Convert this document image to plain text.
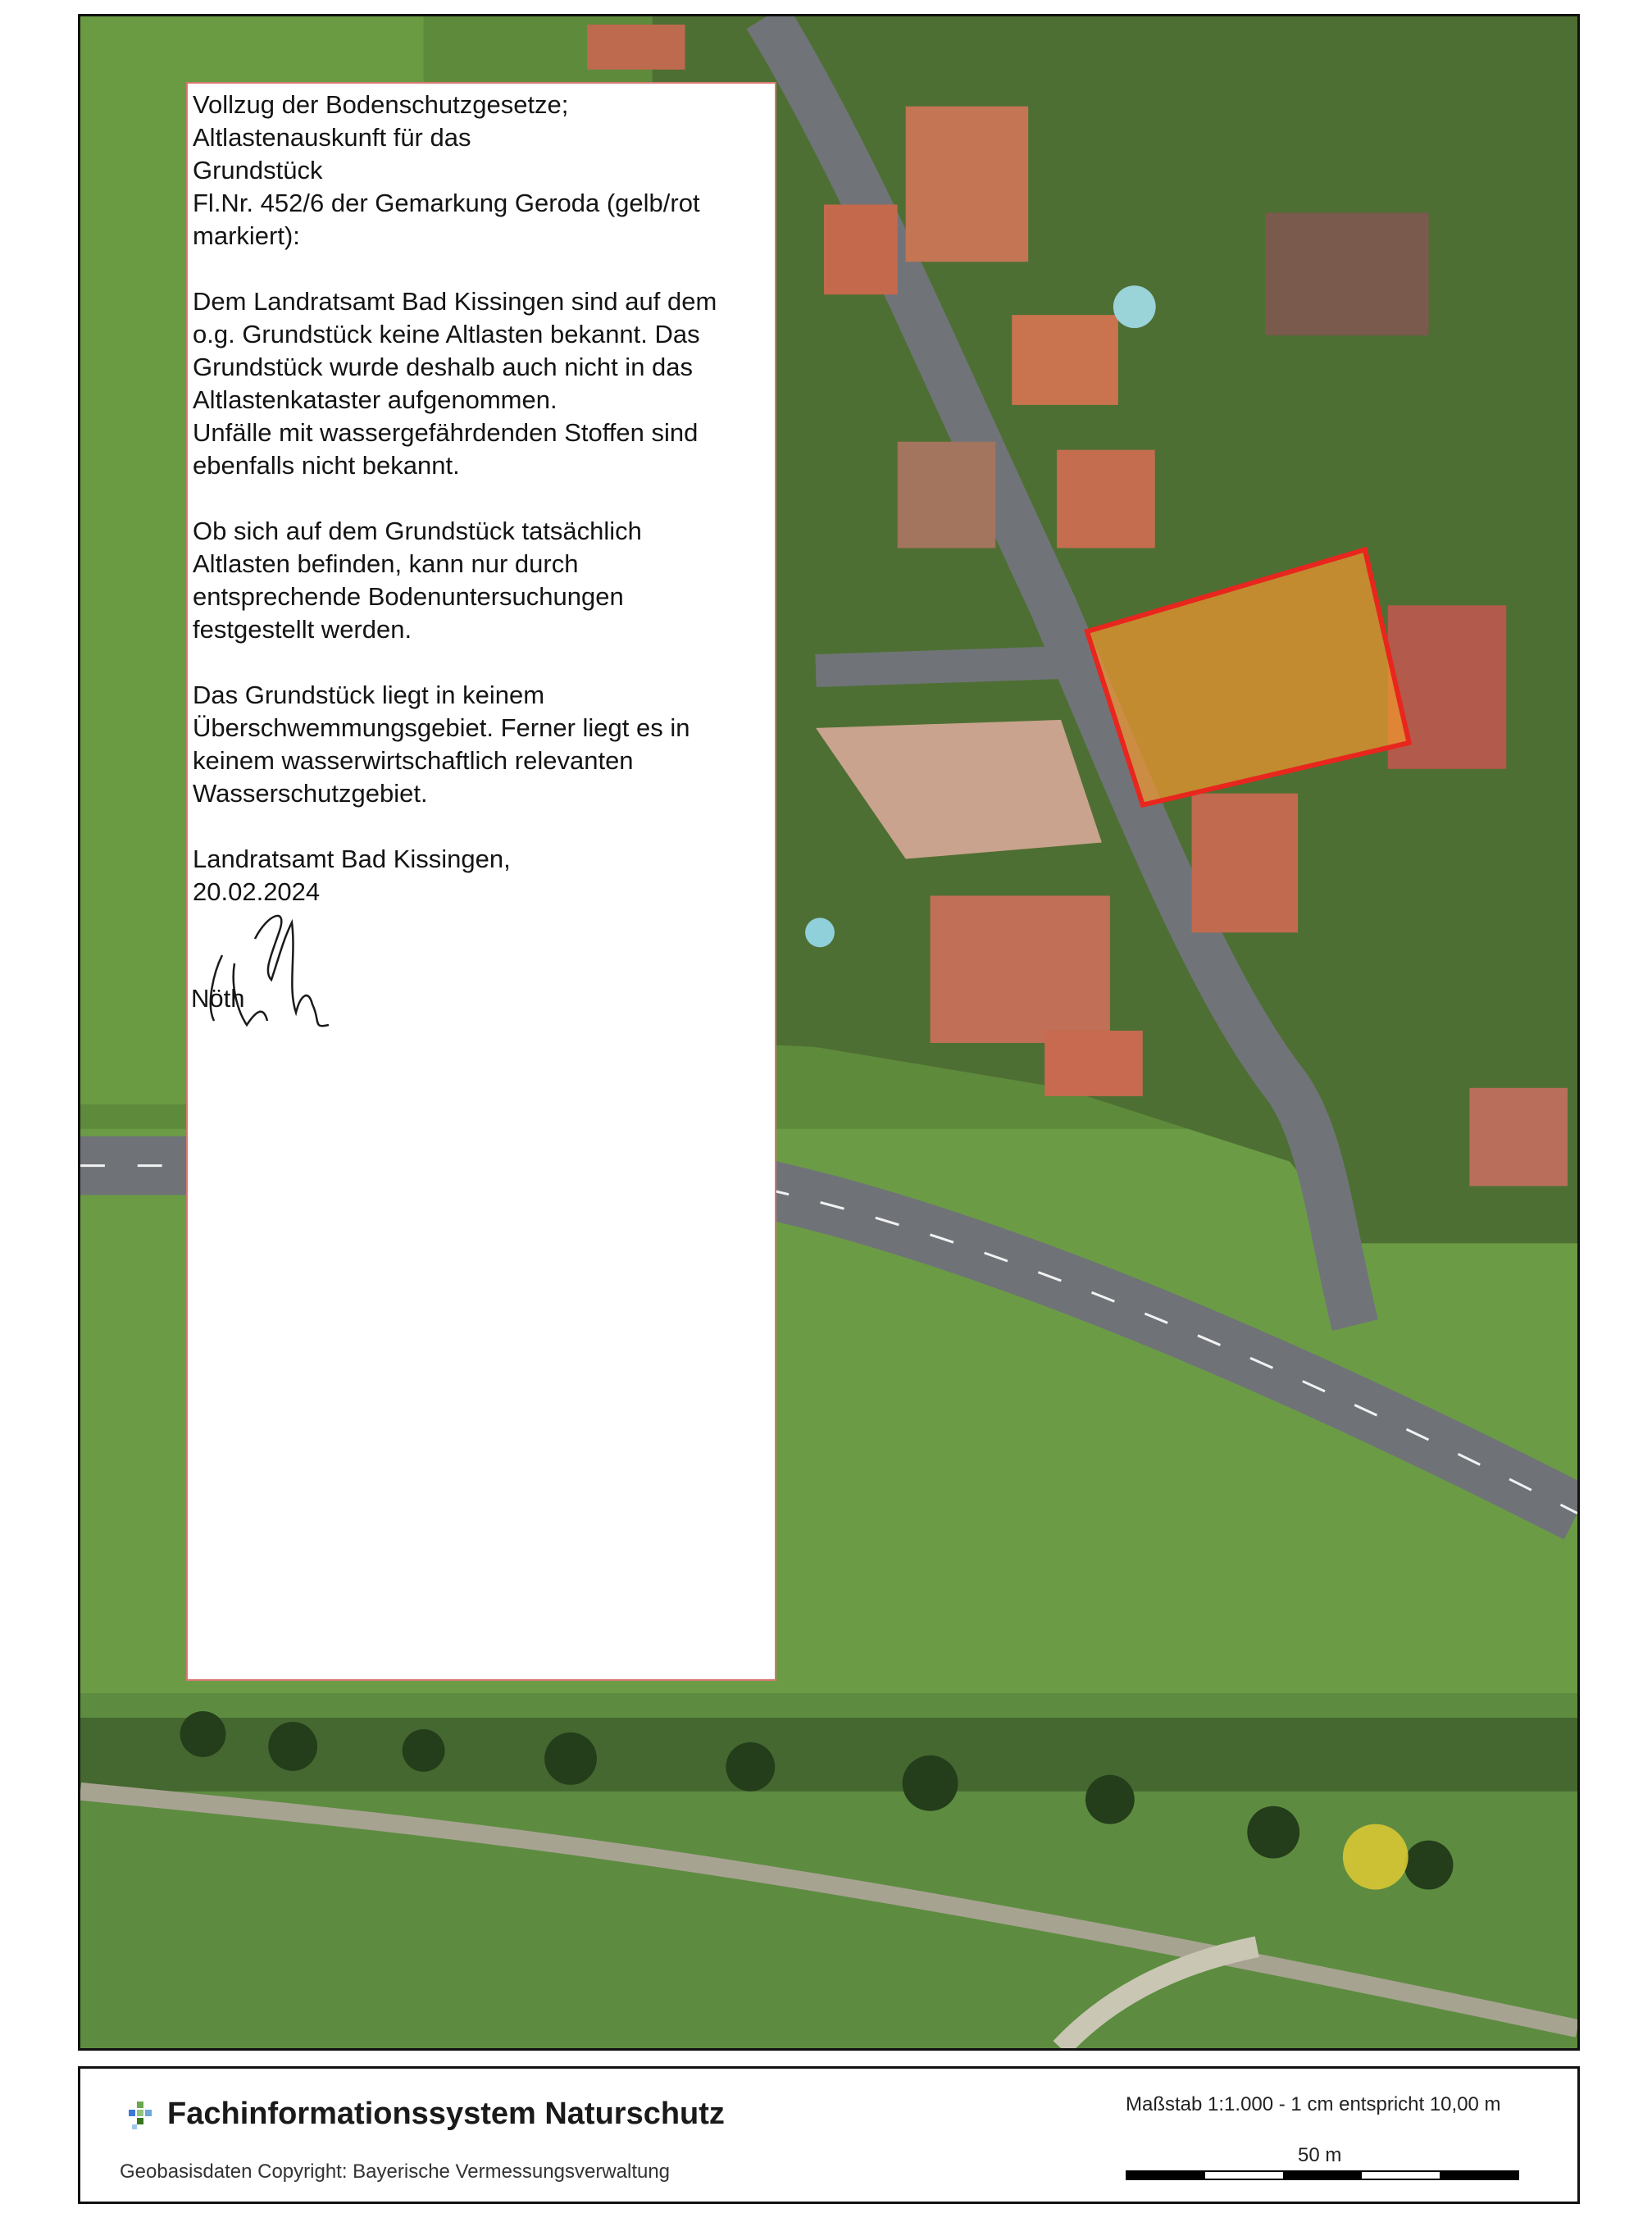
Vollzug der Bodenschutzgesetze;
Altlastenauskunft für das
Grundstück
Fl.Nr. 452/6 der Gemarkung Geroda (gelb/rot
markiert):

Dem Landratsamt Bad Kissingen sind auf dem
o.g. Grundstück keine Altlasten bekannt. Das
Grundstück wurde deshalb auch nicht in das
Altlastenkataster aufgenommen.
Unfälle mit wassergefährdenden Stoffen sind
ebenfalls nicht bekannt.

Ob sich auf dem Grundstück tatsächlich
Altlasten befinden, kann nur durch
entsprechende Bodenuntersuchungen
festgestellt werden.

Das Grundstück liegt in keinem
Überschwemmungsgebiet. Ferner liegt es in
keinem wasserwirtschaftlich relevanten
Wasserschutzgebiet.

Landratsamt Bad Kissingen,
20.02.2024

Nöth
Fachinformationssystem Naturschutz
Geobasisdaten Copyright: Bayerische Vermessungsverwaltung
Maßstab 1:1.000 - 1 cm entspricht 10,00 m
50 m
